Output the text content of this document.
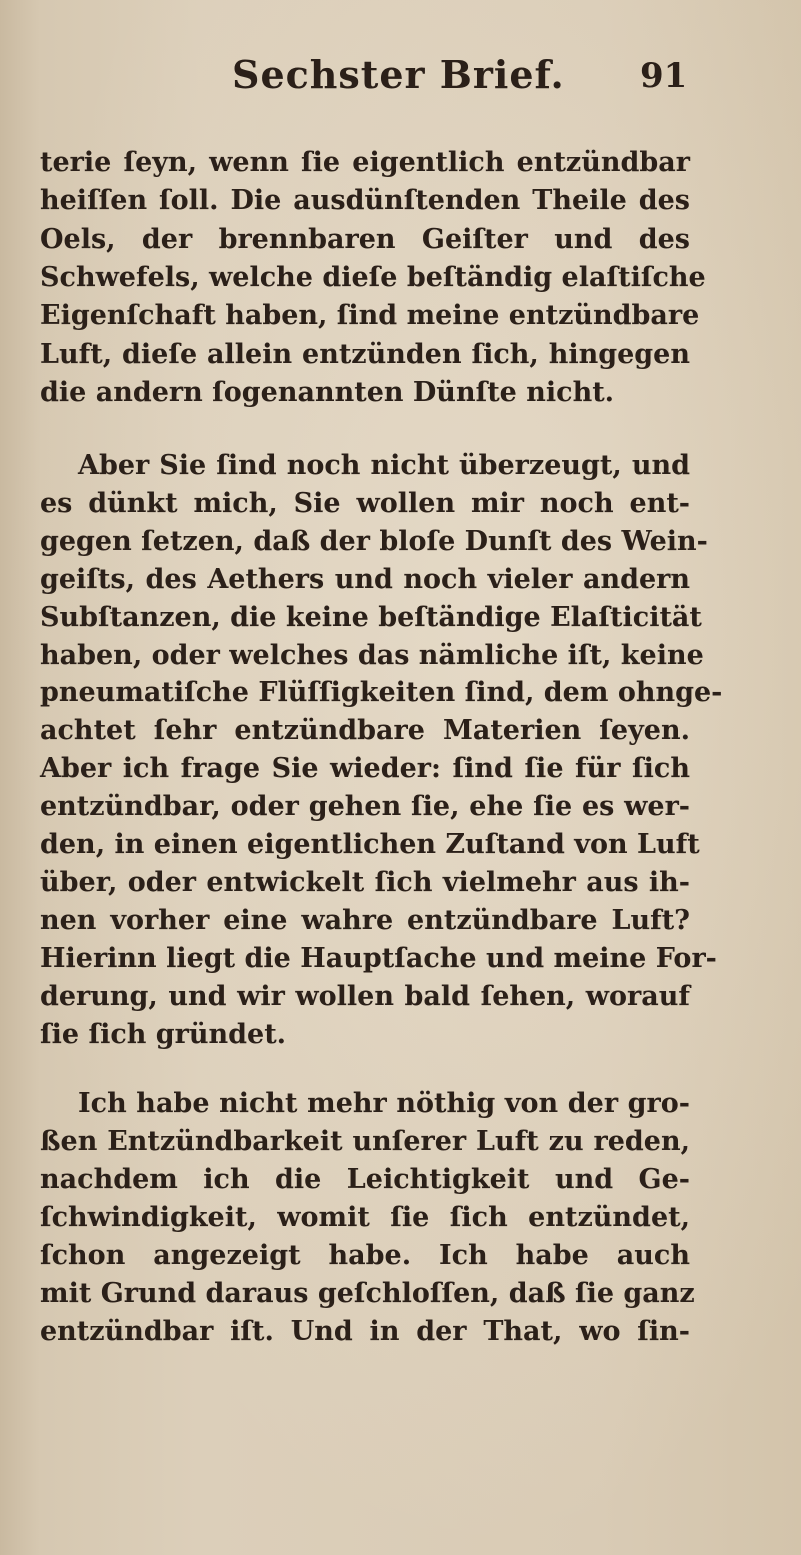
Sechster Brief. 91
terie ſeyn, wenn ſie eigentlich entzündbar
heiſſen ſoll. Die ausdünſtenden Theile des
Oels, der brennbaren Geiſter und des
Schwefels, welche dieſe beſtändig elaſtiſche
Eigenſchaft haben, ſind meine entzündbare
Luft, dieſe allein entzünden ſich, hingegen
die andern ſogenannten Dünſte nicht.
Aber Sie ſind noch nicht überzeugt, und
es dünkt mich, Sie wollen mir noch ent-
gegen ſetzen, daß der bloſe Dunſt des Wein-
geiſts, des Aethers und noch vieler andern
Subſtanzen, die keine beſtändige Elaſticität
haben, oder welches das nämliche iſt, keine
pneumatiſche Flüſſigkeiten ſind, dem ohnge-
achtet ſehr entzündbare Materien ſeyen.
Aber ich frage Sie wieder: ſind ſie für ſich
entzündbar, oder gehen ſie, ehe ſie es wer-
den, in einen eigentlichen Zuſtand von Luft
über, oder entwickelt ſich vielmehr aus ih-
nen vorher eine wahre entzündbare Luft?
Hierinn liegt die Hauptſache und meine For-
derung, und wir wollen bald ſehen, worauf
ſie ſich gründet.
Ich habe nicht mehr nöthig von der gro-
ßen Entzündbarkeit unſerer Luft zu reden,
nachdem ich die Leichtigkeit und Ge-
ſchwindigkeit, womit ſie ſich entzündet,
ſchon angezeigt habe. Ich habe auch
mit Grund daraus geſchloſſen, daß ſie ganz
entzündbar iſt. Und in der That, wo ſin-
